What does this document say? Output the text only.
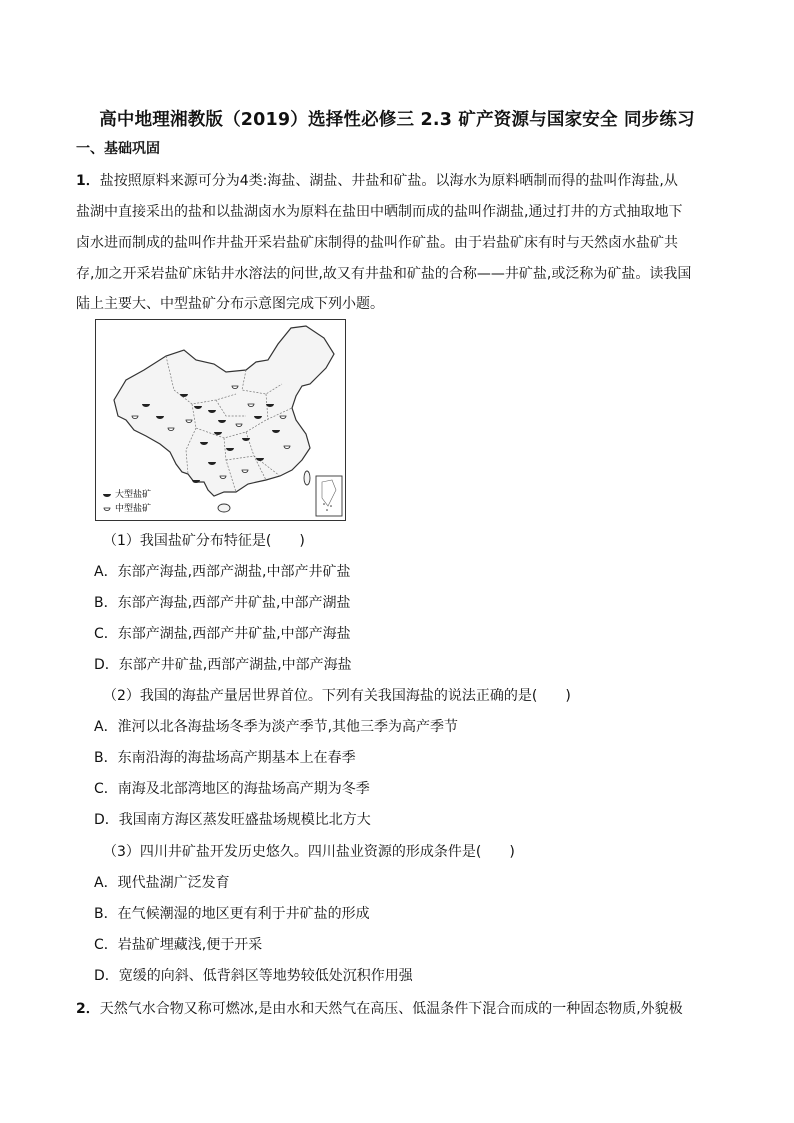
高中地理湘教版（2019）选择性必修三 2.3 矿产资源与国家安全 同步练习
一、基础巩固
1．盐按照原料来源可分为4类:海盐、湖盐、井盐和矿盐。以海水为原料晒制而得的盐叫作海盐,从
盐湖中直接采出的盐和以盐湖卤水为原料在盐田中晒制而成的盐叫作湖盐,通过打井的方式抽取地下
卤水进而制成的盐叫作井盐开采岩盐矿床制得的盐叫作矿盐。由于岩盐矿床有时与天然卤水盐矿共
存,加之开采岩盐矿床钻井水溶法的问世,故又有井盐和矿盐的合称——井矿盐,或泛称为矿盐。读我国
陆上主要大、中型盐矿分布示意图完成下列小题。
大型盐矿
中型盐矿
（1）我国盐矿分布特征是(　　)
A．东部产海盐,西部产湖盐,中部产井矿盐
B．东部产海盐,西部产井矿盐,中部产湖盐
C．东部产湖盐,西部产井矿盐,中部产海盐
D．东部产井矿盐,西部产湖盐,中部产海盐
（2）我国的海盐产量居世界首位。下列有关我国海盐的说法正确的是(　　)
A．淮河以北各海盐场冬季为淡产季节,其他三季为高产季节
B．东南沿海的海盐场高产期基本上在春季
C．南海及北部湾地区的海盐场高产期为冬季
D．我国南方海区蒸发旺盛盐场规模比北方大
（3）四川井矿盐开发历史悠久。四川盐业资源的形成条件是(　　)
A．现代盐湖广泛发育
B．在气候潮湿的地区更有利于井矿盐的形成
C．岩盐矿埋藏浅,便于开采
D．宽缓的向斜、低背斜区等地势较低处沉积作用强
2．天然气水合物又称可燃冰,是由水和天然气在高压、低温条件下混合而成的一种固态物质,外貌极
